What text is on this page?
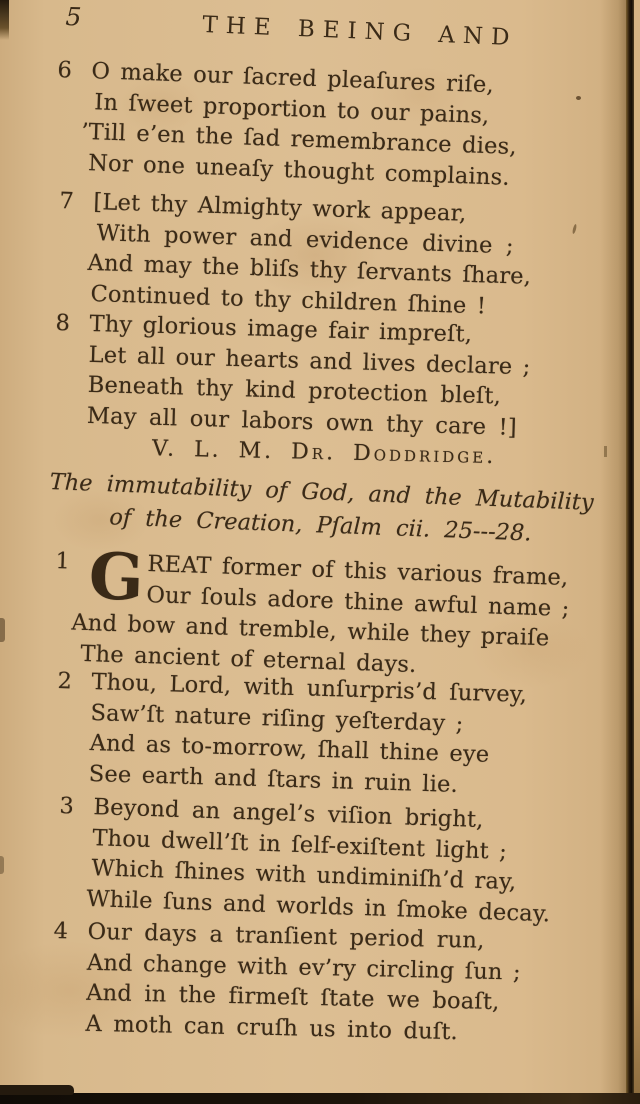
5	THE BEING AND
6 O make our ſacred pleaſures riſe,
In ſweet proportion to our pains,
’Till e’en the ſad remembrance dies,
Nor one uneaſy thought complains.
7 [Let thy Almighty work appear,
With power and evidence divine ;
And may the bliſs thy ſervants ſhare,
Continued to thy children ſhine !
8 Thy glorious image fair impreſt,
Let all our hearts and lives declare ;
Beneath thy kind protection bleſt,
May all our labors own thy care !]
V. L. M. Dr. Doddridge.
The immutability of God, and the Mutability
of the Creation, Pſalm cii. 25---28.
1 G REAT former of this various frame,
Our ſouls adore thine awful name ;
And bow and tremble, while they praiſe
The ancient of eternal days.
2 Thou, Lord, with unſurpris’d ſurvey,
Saw’ſt nature riſing yeſterday ;
And as to-morrow, ſhall thine eye
See earth and ſtars in ruin lie.
3 Beyond an angel’s viſion bright,
Thou dwell’ſt in ſelf-exiſtent light ;
Which ſhines with undiminiſh’d ray,
While ſuns and worlds in ſmoke decay.
4 Our days a tranſient period run,
And change with ev’ry circling ſun ;
And in the firmeſt ſtate we boaſt,
A moth can cruſh us into duſt.
